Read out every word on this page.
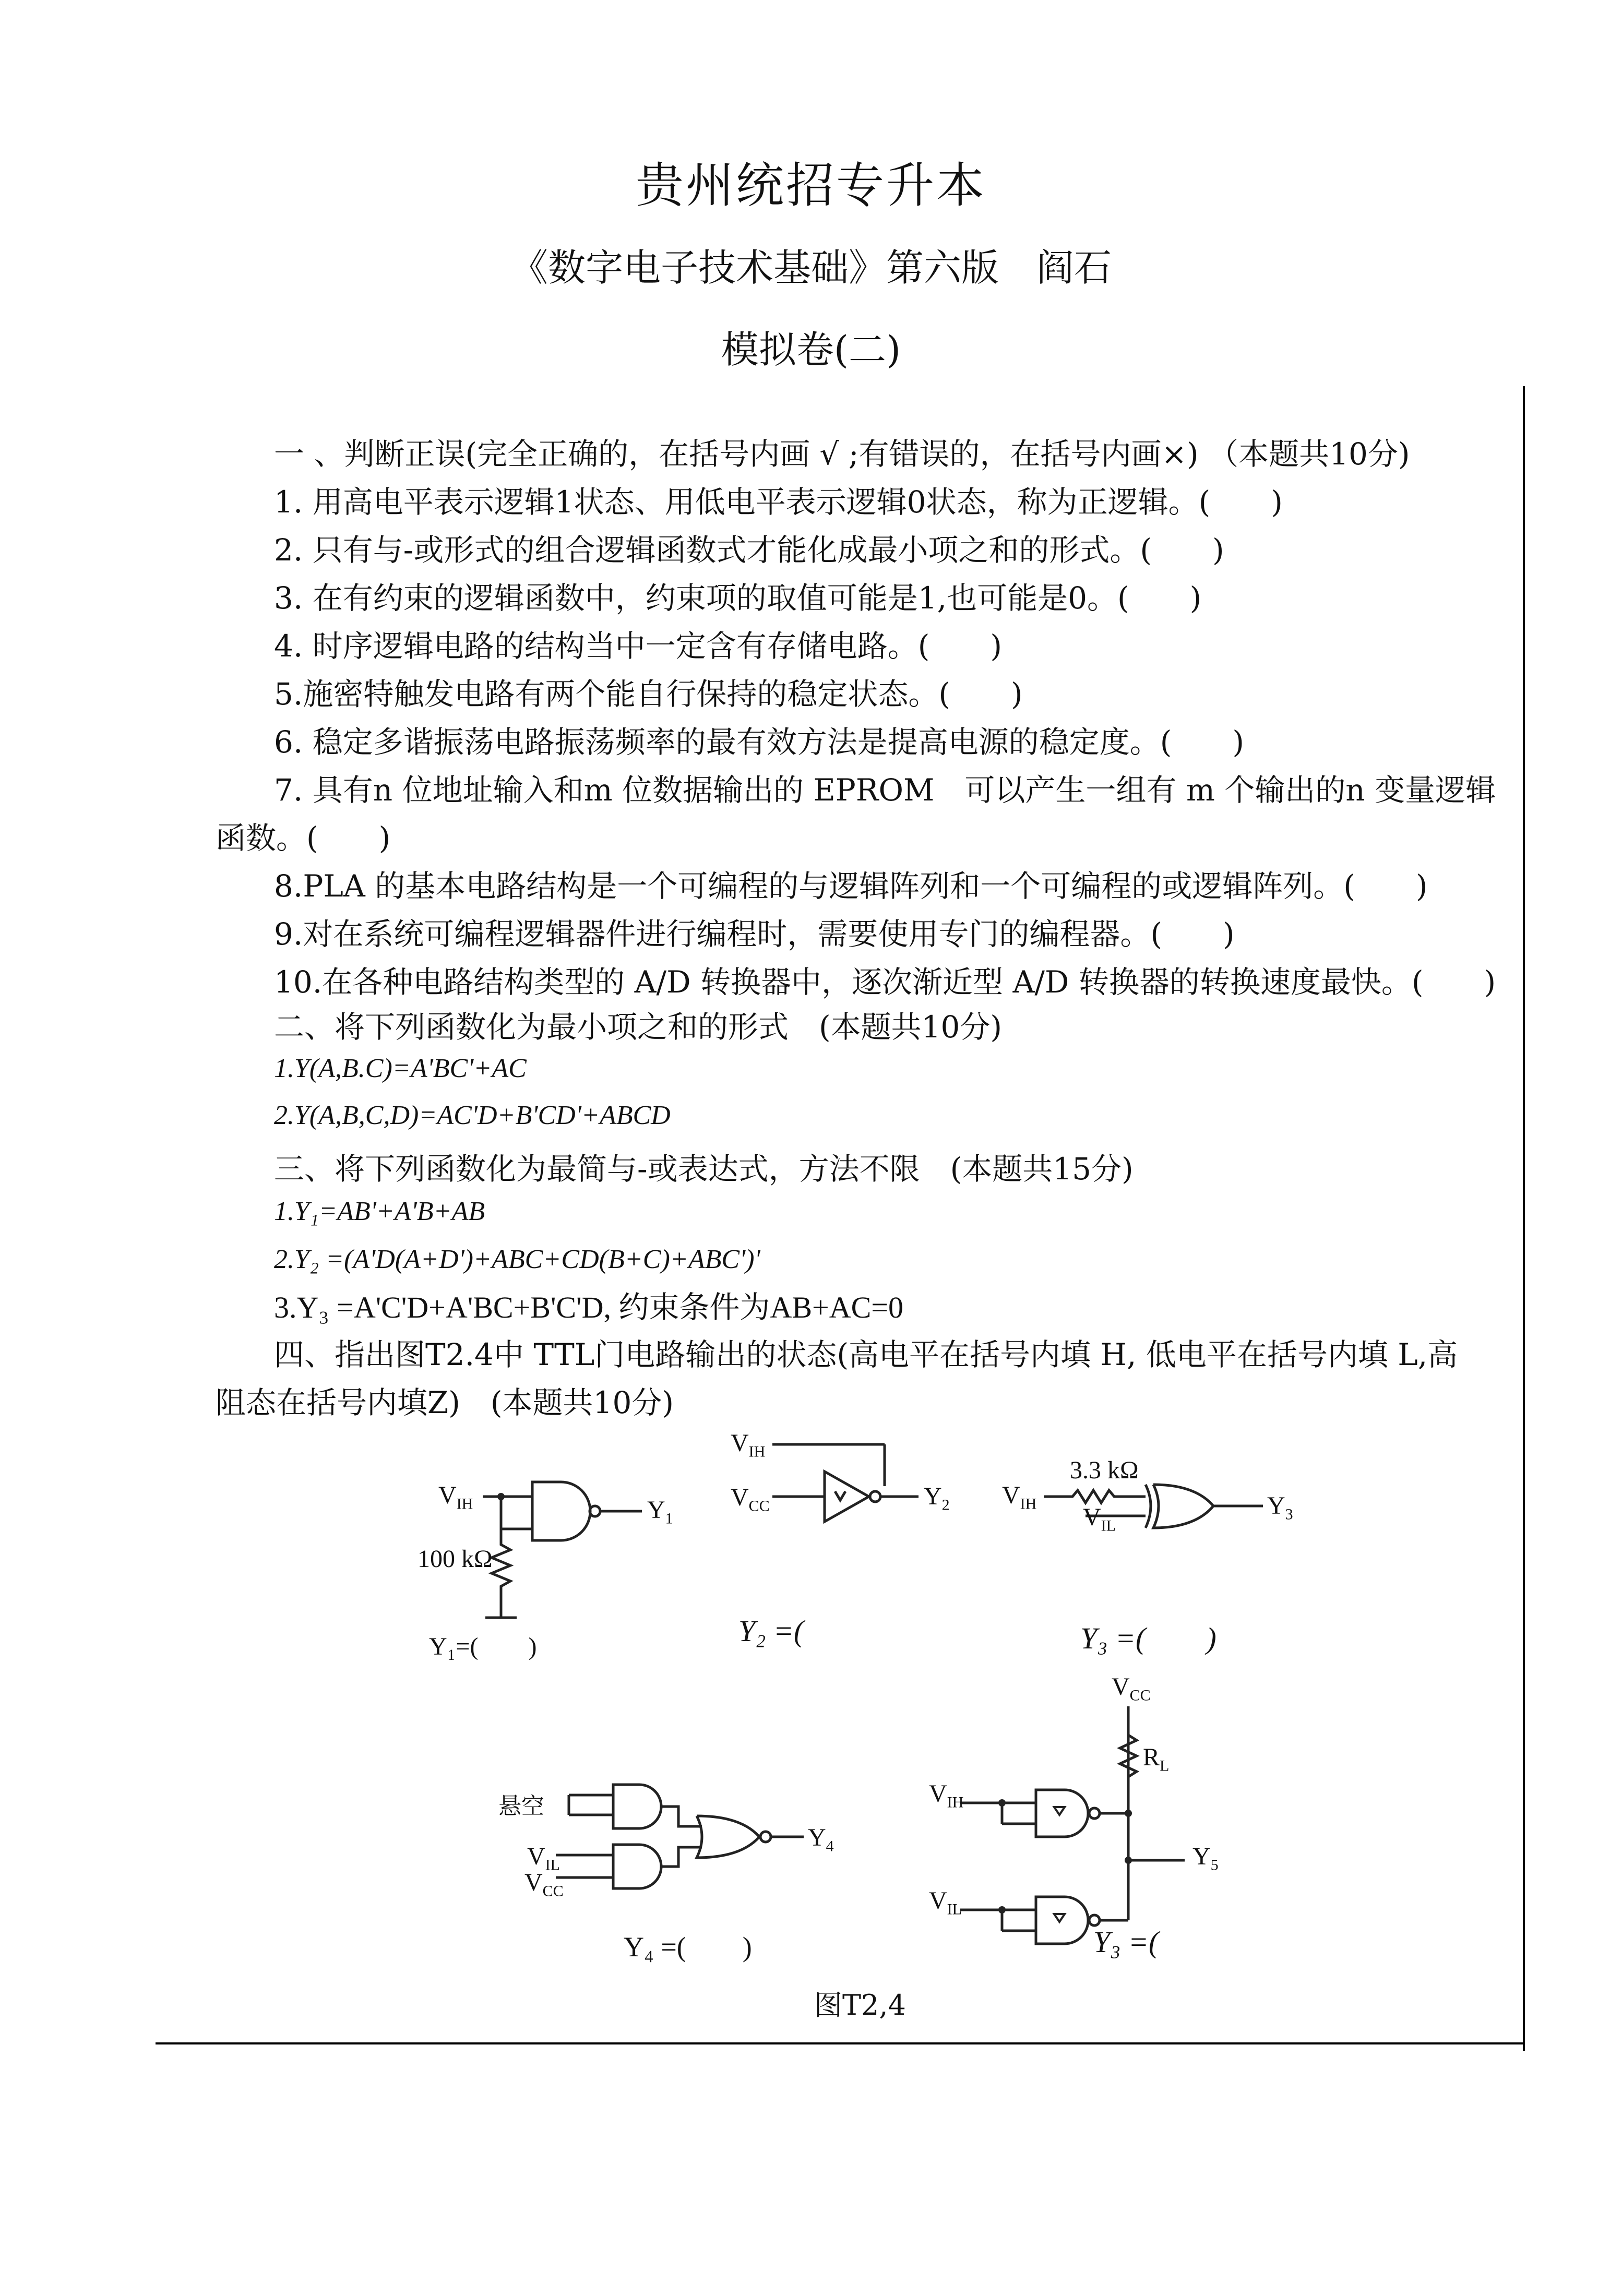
贵州统招专升本
《数字电子技术基础》第六版　阎石
模拟卷(二)
一 、判断正误(完全正确的，在括号内画 √ ;有错误的，在括号内画×) （本题共10分)
1. 用高电平表示逻辑1状态、用低电平表示逻辑0状态，称为正逻辑。(　　)
2. 只有与-或形式的组合逻辑函数式才能化成最小项之和的形式。(　　)
3. 在有约束的逻辑函数中，约束项的取值可能是1,也可能是0。(　　)
4. 时序逻辑电路的结构当中一定含有存储电路。(　　)
5.施密特触发电路有两个能自行保持的稳定状态。(　　)
6. 稳定多谐振荡电路振荡频率的最有效方法是提高电源的稳定度。(　　)
7. 具有n 位地址输入和m 位数据输出的 EPROM　可以产生一组有 m 个输出的n 变量逻辑
函数。(　　)
8.PLA 的基本电路结构是一个可编程的与逻辑阵列和一个可编程的或逻辑阵列。(　　)
9.对在系统可编程逻辑器件进行编程时，需要使用专门的编程器。(　　)
10.在各种电路结构类型的 A/D 转换器中，逐次渐近型 A/D 转换器的转换速度最快。(　　)
二、将下列函数化为最小项之和的形式　(本题共10分)
1.Y(A,B.C)=A'BC'+AC
2.Y(A,B,C,D)=AC'D+B'CD'+ABCD
三、将下列函数化为最简与-或表达式，方法不限　(本题共15分)
1.Y₁=AB'+A'B+AB
2.Y₂ =(A'D(A+D')+ABC+CD(B+C)+ABC')'
3.Y₃ =A'C'D+A'BC+B'C'D, 约束条件为AB+AC=0
四、指出图T2.4中 TTL门电路输出的状态(高电平在括号内填 H, 低电平在括号内填 L,高
阻态在括号内填Z)　(本题共10分)
$V_{IH}$	$Y_1$
100 kΩ
Y₁=(　　)
$V_{IH}$
$V_{CC}$	$Y_2$
Y₂ =(
$V_{IH}$
3.3 kΩ
$V_{IL}$
$Y_3$
Y₃ =(　　)
悬空
$V_{IL}$
$V_{CC}$
$Y_4$
Y₄ =(　　)
$V_{CC}$
$R_L$
$V_{IH}$
$V_{IL}$
$Y_5$
Y₃ =(
图T2,4
